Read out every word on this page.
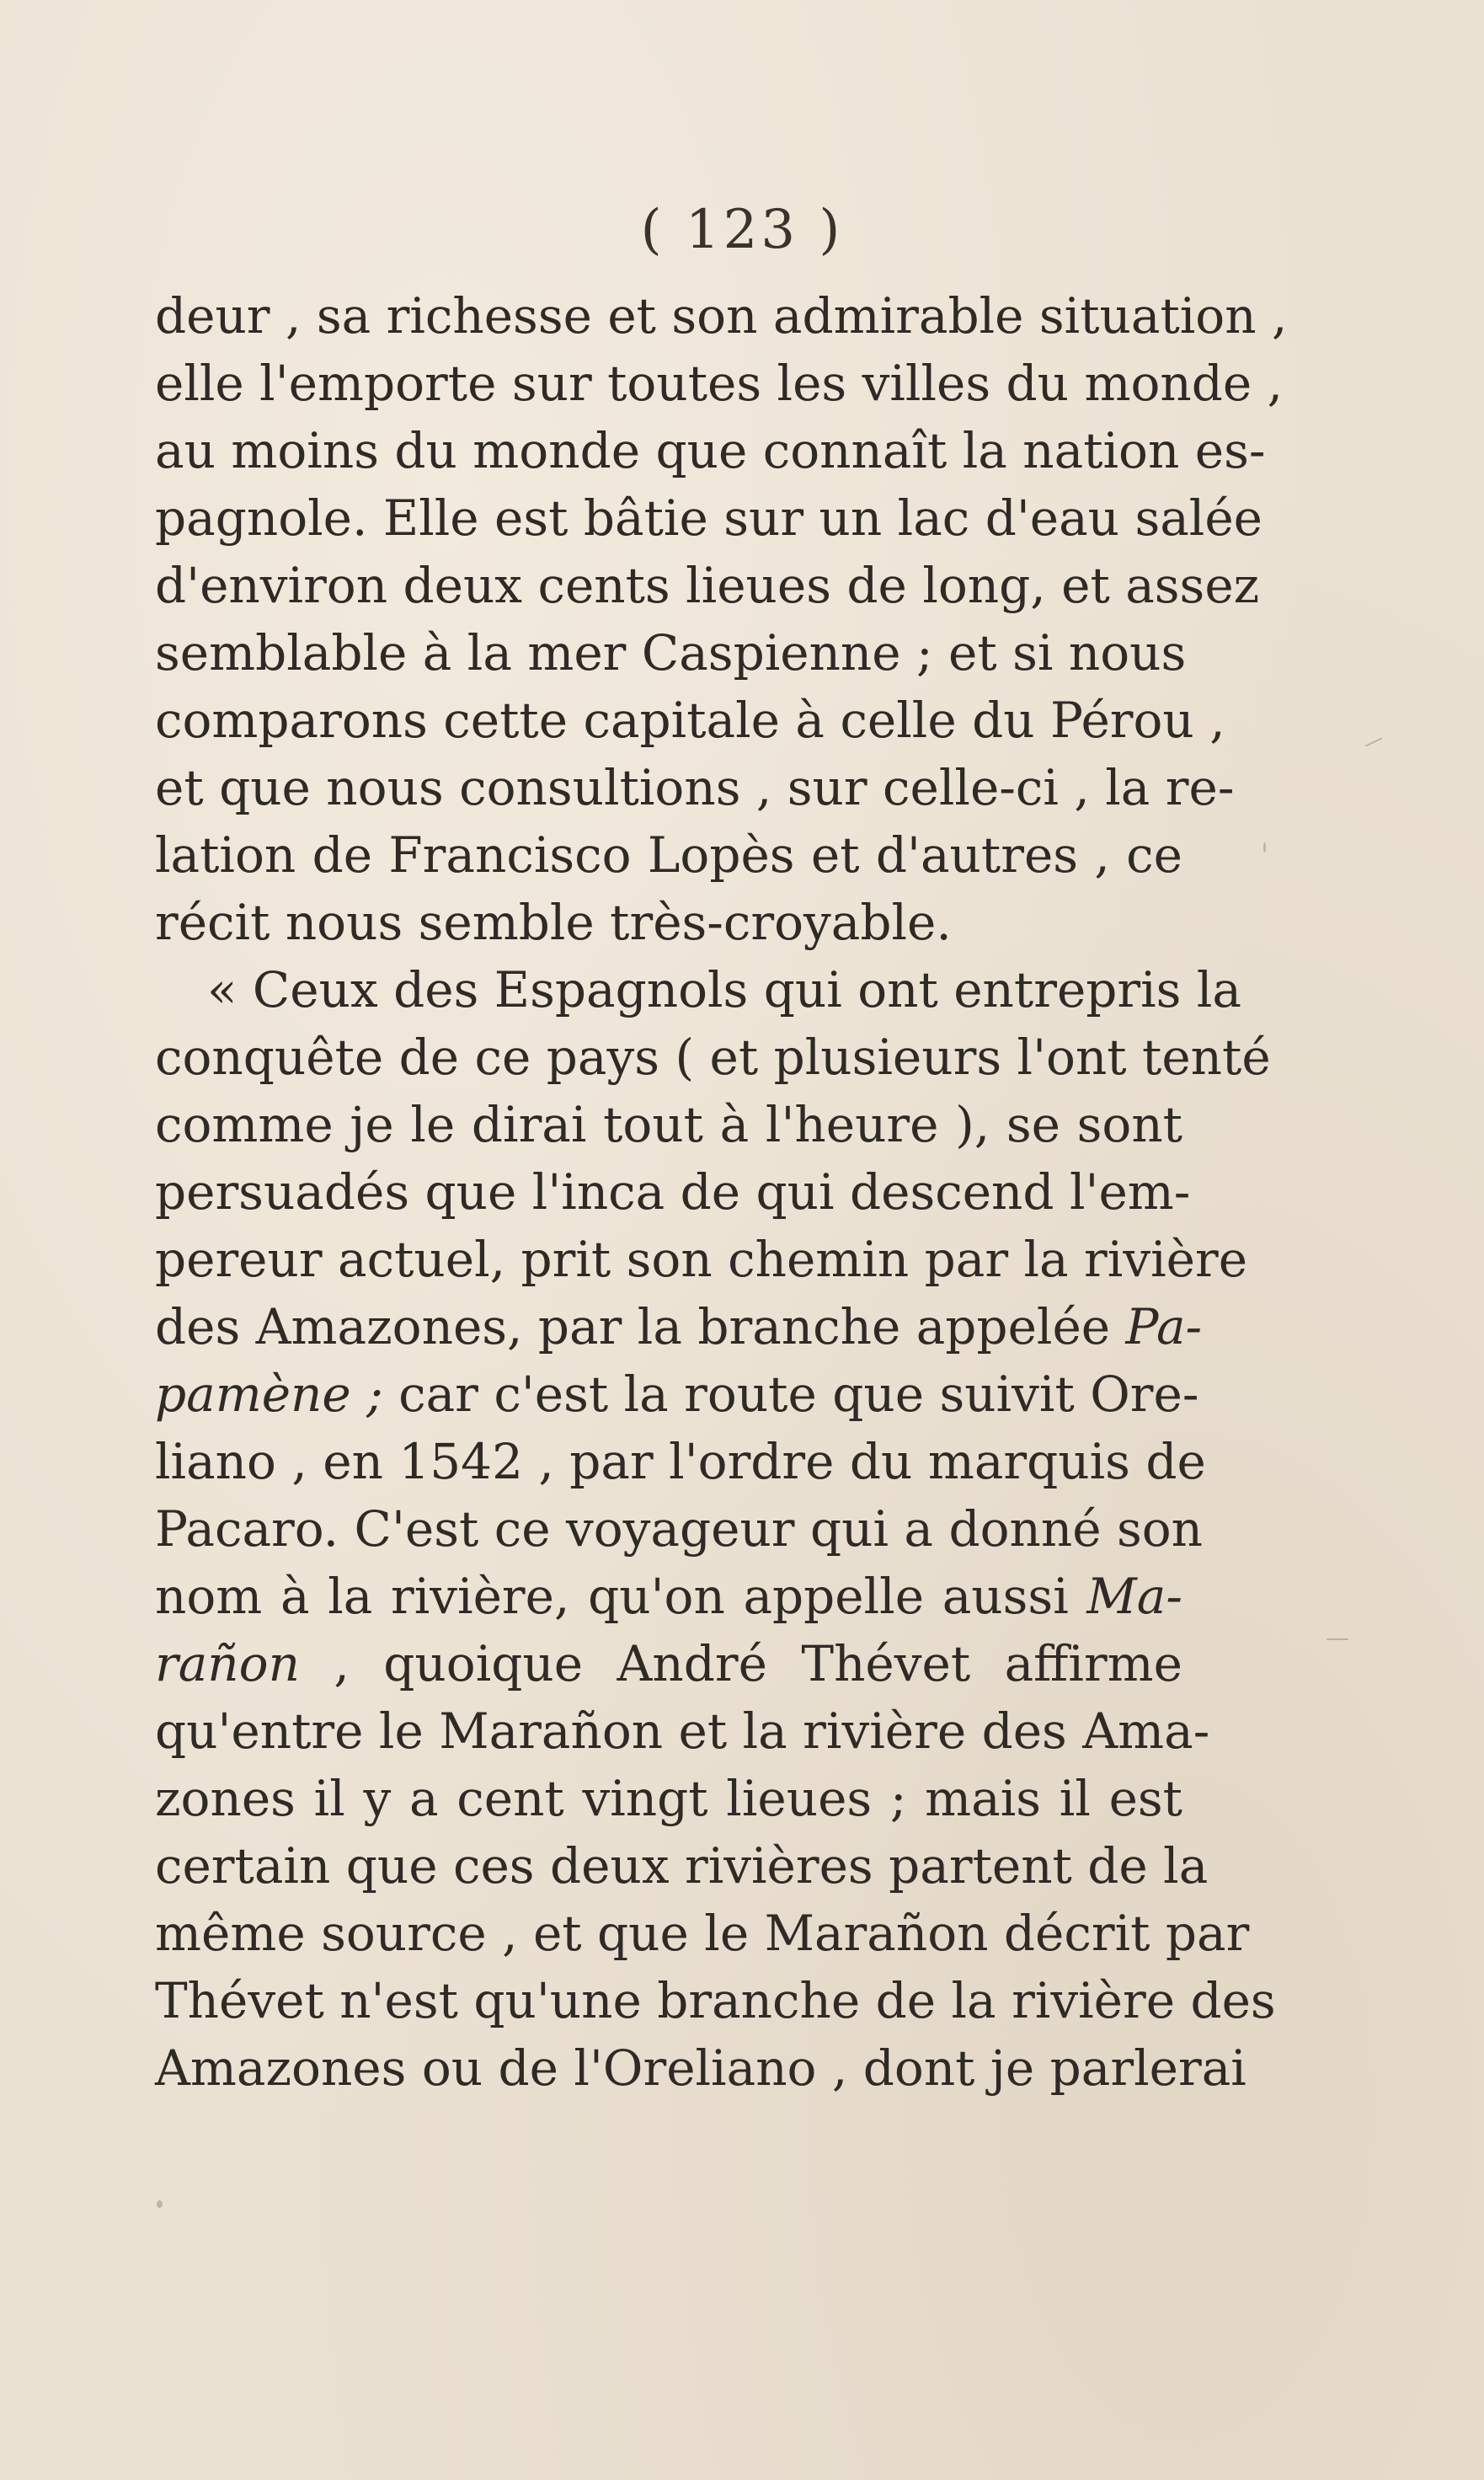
( 123 )
deur , sa richesse et son admirable situation ,
elle l'emporte sur toutes les villes du monde ,
au moins du monde que connaît la nation es-
pagnole. Elle est bâtie sur un lac d'eau salée
d'environ deux cents lieues de long, et assez
semblable à la mer Caspienne ; et si nous
comparons cette capitale à celle du Pérou ,
et que nous consultions , sur celle-ci , la re-
lation de Francisco Lopès et d'autres , ce
récit nous semble très-croyable.
« Ceux des Espagnols qui ont entrepris la
conquête de ce pays ( et plusieurs l'ont tenté
comme je le dirai tout à l'heure ), se sont
persuadés que l'inca de qui descend l'em-
pereur actuel, prit son chemin par la rivière
des Amazones, par la branche appelée Pa-
pamène ; car c'est la route que suivit Ore-
liano , en 1542 , par l'ordre du marquis de
Pacaro. C'est ce voyageur qui a donné son
nom à la rivière, qu'on appelle aussi Ma-
rañon , quoique André Thévet affirme
qu'entre le Marañon et la rivière des Ama-
zones il y a cent vingt lieues ; mais il est
certain que ces deux rivières partent de la
même source , et que le Marañon décrit par
Thévet n'est qu'une branche de la rivière des
Amazones ou de l'Oreliano , dont je parlerai
